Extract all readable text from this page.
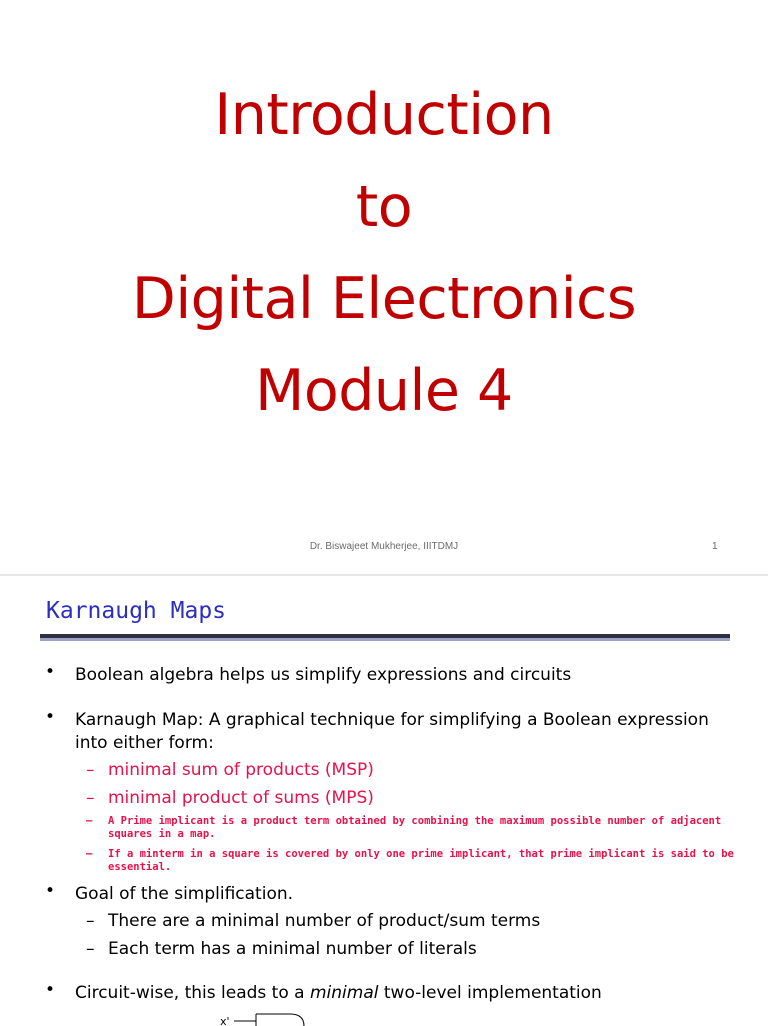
Introduction
to
Digital Electronics
Module 4
Dr. Biswajeet Mukherjee, IIITDMJ	1
Karnaugh Maps
• Boolean algebra helps us simplify expressions and circuits
• Karnaugh Map: A graphical technique for simplifying a Boolean expression
into either form:
– minimal sum of products (MSP)
– minimal product of sums (MPS)
– A Prime implicant is a product term obtained by combining the maximum possible number of adjacent squares in a map.
– If a minterm in a square is covered by only one prime implicant, that prime implicant is said to be essential.
• Goal of the simplification.
– There are a minimal number of product/sum terms
– Each term has a minimal number of literals
• Circuit-wise, this leads to a minimal two-level implementation
x'
